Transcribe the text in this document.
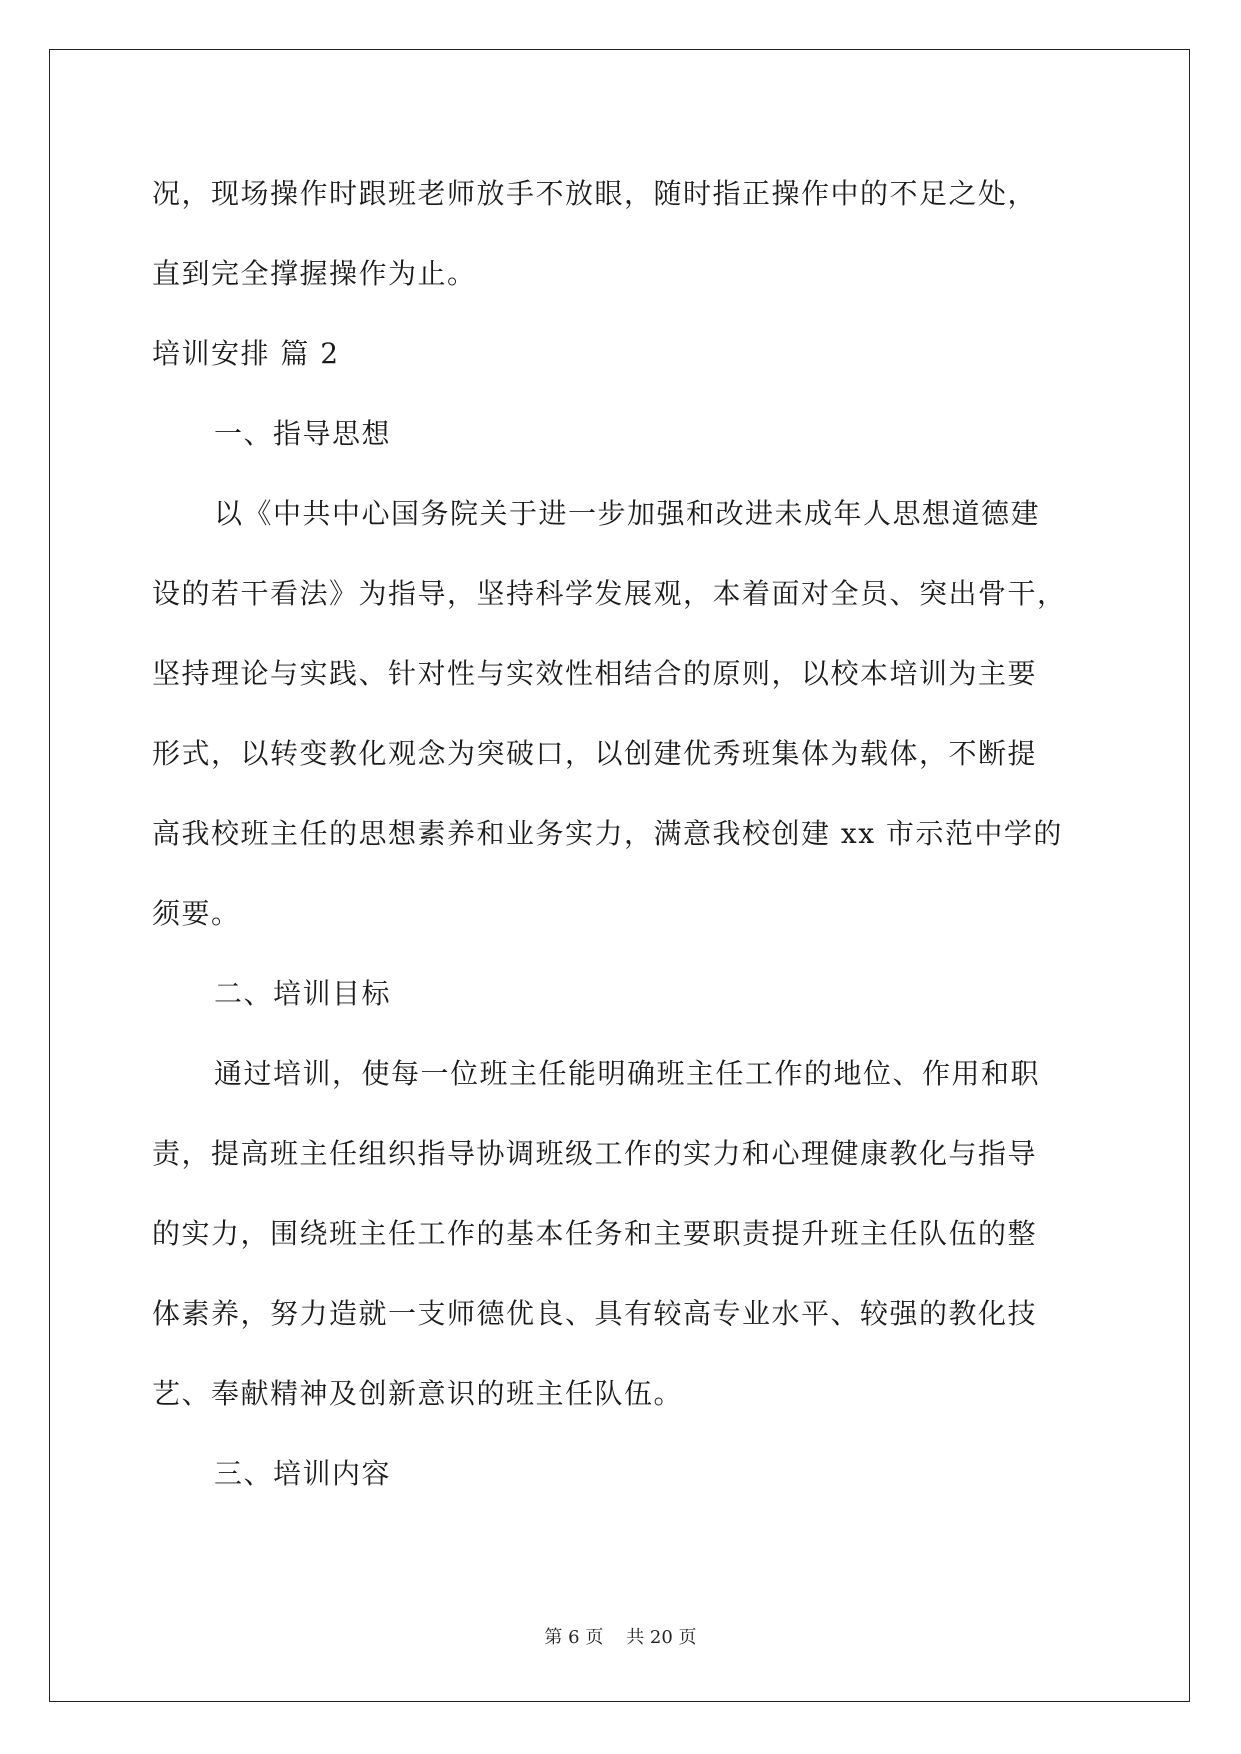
况，现场操作时跟班老师放手不放眼，随时指正操作中的不足之处，
直到完全撑握操作为止。
培训安排 篇 2
一、指导思想
以《中共中心国务院关于进一步加强和改进未成年人思想道德建
设的若干看法》为指导，坚持科学发展观，本着面对全员、突出骨干，
坚持理论与实践、针对性与实效性相结合的原则，以校本培训为主要
形式，以转变教化观念为突破口，以创建优秀班集体为载体，不断提
高我校班主任的思想素养和业务实力，满意我校创建 xx 市示范中学的
须要。
二、培训目标
通过培训，使每一位班主任能明确班主任工作的地位、作用和职
责，提高班主任组织指导协调班级工作的实力和心理健康教化与指导
的实力，围绕班主任工作的基本任务和主要职责提升班主任队伍的整
体素养，努力造就一支师德优良、具有较高专业水平、较强的教化技
艺、奉献精神及创新意识的班主任队伍。
三、培训内容
第 6 页    共 20 页
